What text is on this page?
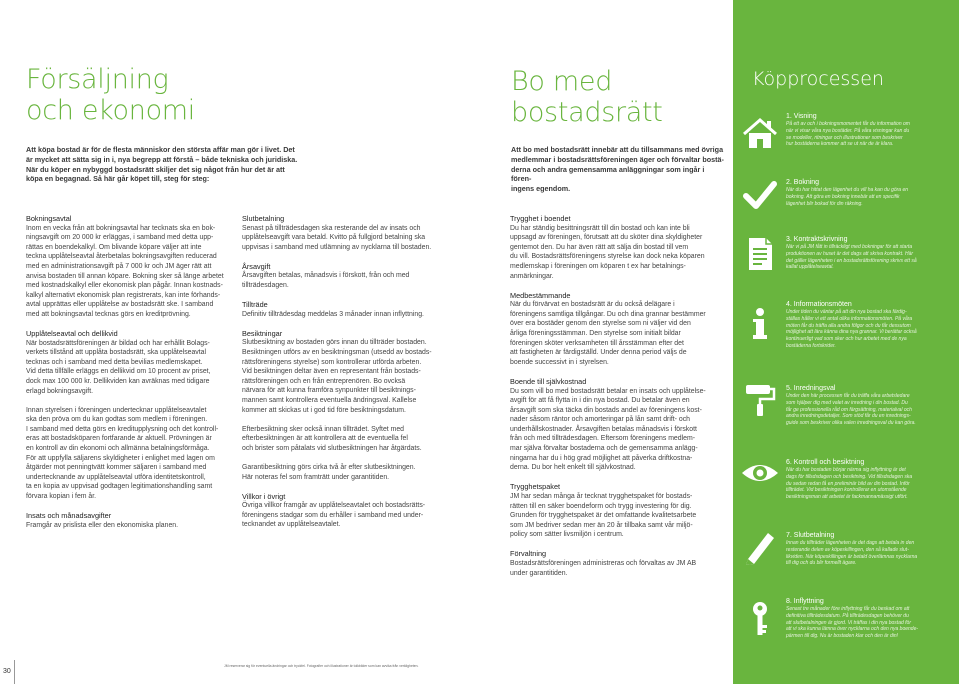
Försäljning
och ekonomi
Att köpa bostad är för de flesta människor den största affär man gör i livet. Det
är mycket att sätta sig in i, nya begrepp att förstå – både tekniska och juridiska.
När du köper en nybyggd bostadsrätt skiljer det sig något från hur det är att
köpa en begagnad. Så här går köpet till, steg för steg:

Bokningsavtal
Inom en vecka från att bokningsavtal har tecknats ska en bok-
ningsavgift om 20 000 kr erläggas, i samband med detta upp-
rättas en boendekalkyl. Om blivande köpare väljer att inte
teckna upplåtelseavtal återbetalas bokningsavgiften reducerad
med en administrationsavgift på 7 000 kr och JM äger rätt att
anvisa bostaden till annan köpare. Bokning sker så länge arbetet
med kostnadskalkyl eller ekonomisk plan pågår. Innan kostnads-
kalkyl alternativt ekonomisk plan registrerats, kan inte förhands-
avtal upprättas eller upplåtelse av bostadsrätt ske. I samband
med att bokningsavtal tecknas görs en kreditprövning.

Upplåtelseavtal och dellikvid
När bostadsrättsföreningen är bildad och har erhållit Bolags-
verkets tillstånd att upplåta bostadsrätt, ska upplåtelseavtal
tecknas och i samband med detta bevilias medlemskapet.
Vid detta tillfälle erläggs en dellikvid om 10 procent av priset,
dock max 100 000 kr. Dellikviden kan avräknas med tidigare
erlagd bokningsavgift.

Innan styrelsen i föreningen undertecknar upplåtelseavtalet
ska den pröva om du kan godtas som medlem i föreningen.
I samband med detta görs en kreditupplysning och det kontroll-
eras att bostadsköparen fortfarande är aktuell. Prövningen är
en kontroll av din ekonomi och allmänna betalningsförmåga.
För att uppfylla säljarens skyldigheter i enlighet med lagen om
åtgärder mot penningtvätt kommer säljaren i samband med
undertecknande av upplåtelseavtal utföra identitetskontroll,
ta en kopia av uppvisad godtagen legitimationshandling samt
förvara kopian i fem år.

Insats och månadsavgifter
Framgår av prislista eller den ekonomiska planen.

Slutbetalning
Senast på tillträdesdagen ska resterande del av insats och
upplåtelseavgift vara betald. Kvitto på fullgjord betalning ska
uppvisas i samband med utlämning av nycklarna till bostaden.

Årsavgift
Årsavgiften betalas, månadsvis i förskott, från och med
tillträdesdagen.

Tillträde
Definitiv tillträdesdag meddelas 3 månader innan inflyttning.

Besiktningar
Slutbesiktning av bostaden görs innan du tillträder bostaden.
Besiktningen utförs av en besiktningsman (utsedd av bostads-
rättsföreningens styrelse) som kontrollerar utförda arbeten.
Vid besiktningen deltar även en representant från bostads-
rättsföreningen och en från entreprenören. Bo ovcksä
närvara för att kunna framföra synpunkter till besiktnings-
mannen samt kontrollera eventuella ändringsval. Kallelse
kommer att skickas ut i god tid före besiktningsdatum.

Efterbesiktning sker också innan tillträdet. Syftet med
efterbesiktningen är att kontrollera att de eventuella fel
och brister som påtalats vid slutbesiktningen har åtgärdats.

Garantibesiktning görs cirka två år efter slutbesiktningen.
Här noteras fel som framträtt under garantitiden.

Villkor i övrigt
Övriga villkor framgår av upplåtelseavtalet och bostadsrätts-
föreningens stadgar som du erhåller i samband med under-
tecknandet av upplåtelseavtalet.

Bo med
bostadsrätt
Att bo med bostadsrätt innebär att du tillsammans med övriga
medlemmar i bostadsrättsföreningen äger och förvaltar bostä-
derna och andra gemensamma anläggningar som ingår i fören-
ingens egendom.

Trygghet i boendet
Du har ständig besittningsrätt till din bostad och kan inte bli
uppsagd av föreningen, förutsatt att du sköter dina skyldigheter
gentemot den. Du har även rätt att sälja din bostad till vem
du vill. Bostadsrättsföreningens styrelse kan dock neka köparen
medlemskap i föreningen om köparen t ex har betalnings-
anmärkningar.

Medbestämmande
När du förvärvat en bostadsrätt är du också delägare i
föreningens samtliga tillgångar. Du och dina grannar bestämmer
över era bostäder genom den styrelse som ni väljer vid den
årliga föreningsstämman. Den styrelse som initialt bildar
föreningen sköter verksamheten till årsstämman efter det
att fastigheten är färdigställd. Under denna period väljs de
boende successivt in i styrelsen.

Boende till självkostnad
Du som vill bo med bostadsrätt betalar en insats och upplåtelse-
avgift för att få flytta in i din nya bostad. Du betalar även en
årsavgift som ska täcka din bostads andel av föreningens kost-
nader såsom räntor och amorteringar på lån samt drift- och
underhållskostnader. Årsavgiften betalas månadsvis i förskott
från och med tillträdesdagen. Eftersom föreningens medlem-
mar själva förvaltar bostaderna och de gemensamma anlägg-
ningarna har du i hög grad möjlighet att påverka driftkostna-
derna. Du bor helt enkelt till självkostnad.

Trygghetspaket
JM har sedan många år tecknat trygghetspaket för bostads-
rätten till en säker boendeform och trygg investering för dig.
Grunden för trygghetspaket är det omfattande kvalitetsarbete
som JM bedriver sedan mer än 20 år tillbaka samt vår miljö-
policy som sätter livsmiljön i centrum.

Förvaltning
Bostadsrättsföreningen administreras och förvaltas av JM AB
under garantitiden.

Köpprocessen
1. Visning
På ett av och i bokningsmomentet får du information om
när vi visar våra nya bostäder. På våra visningar kan du
se modeller, ritningar och illustrationer som beskriver
hur bostäderna kommer att se ut när de är klara.
2. Bokning
När du har hittat den lägenhet du vill ha kan du göra en
bokning. Att göra en bokning innebär att en specifik
lägenhet blir bokad för din räkning.
3. Kontraktskrivning
När vi på JM fått in tillräckligt med bokningar för att starta
produktionen av huset är det dags att skriva kontrakt. Här
det gäller lägenheten i en bostadsrättsförening skrivs ett så
kallat upplåtelseavtal.
4. Informationsmöten
Under tiden du väntar på att din nya bostad ska färdig-
ställas håller vi ett antal olika informationsmöten. På våra
möten får du träffa alla andra fölgor och du får dessutom
möjlighet att lära känna dina nya grannar. Vi berättar också
kontinuerligt vad som sker och hur arbetet med de nya
bostäderna fortskrider.
5. Inredningsval
Under den här processen får du träffa våra arbetsledare
som hjälper dig med valet av inredning i din bostad. Du
får ge professionella råd om färgsättning, materialval och
andra inredningsdetaljer. Som stöd får du en inrednings-
guide som beskriver olika valen inredningsval du kan göra.
6. Kontroll och besiktning
När du har bostaden börjar närma sig inflyttning är det
dags för tillsdsdagen och besiktning. Vid tillsdsdagen ska
du sedan redan få en preliminär bild av din bostad. Inför
tillträdet. Vid besiktningen kontrollerar en utomstående
besiktningsman att arbetet är fackmannamässigt utfört.
7. Slutbetalning
Innan du tillträder lägenheten är det dags att betala in den
resterande delen av köpeskillingen, den så kallade slut-
likviden. När köpeskillingen är betald överlämnas nycklarna
till dig och du blir formellt ägare.
8. Inflyttning
Senast tre månader före inflyttning får du beskad om att
definitiva tillträdesdatum. På tillträdesdagen behöver du
att slutbetalningen är gjord. Vi träffas i din nya bostad för
att vi ska kunna lämna över nycklarna och den nya boende-
pärmen till dig. Nu är bostaden klar och den är din!
30
JM reserverar sig för eventuella ändringar och tryckfel. Fotografier och illustrationer är tolkbilder som kan avvika från verkligheten.
